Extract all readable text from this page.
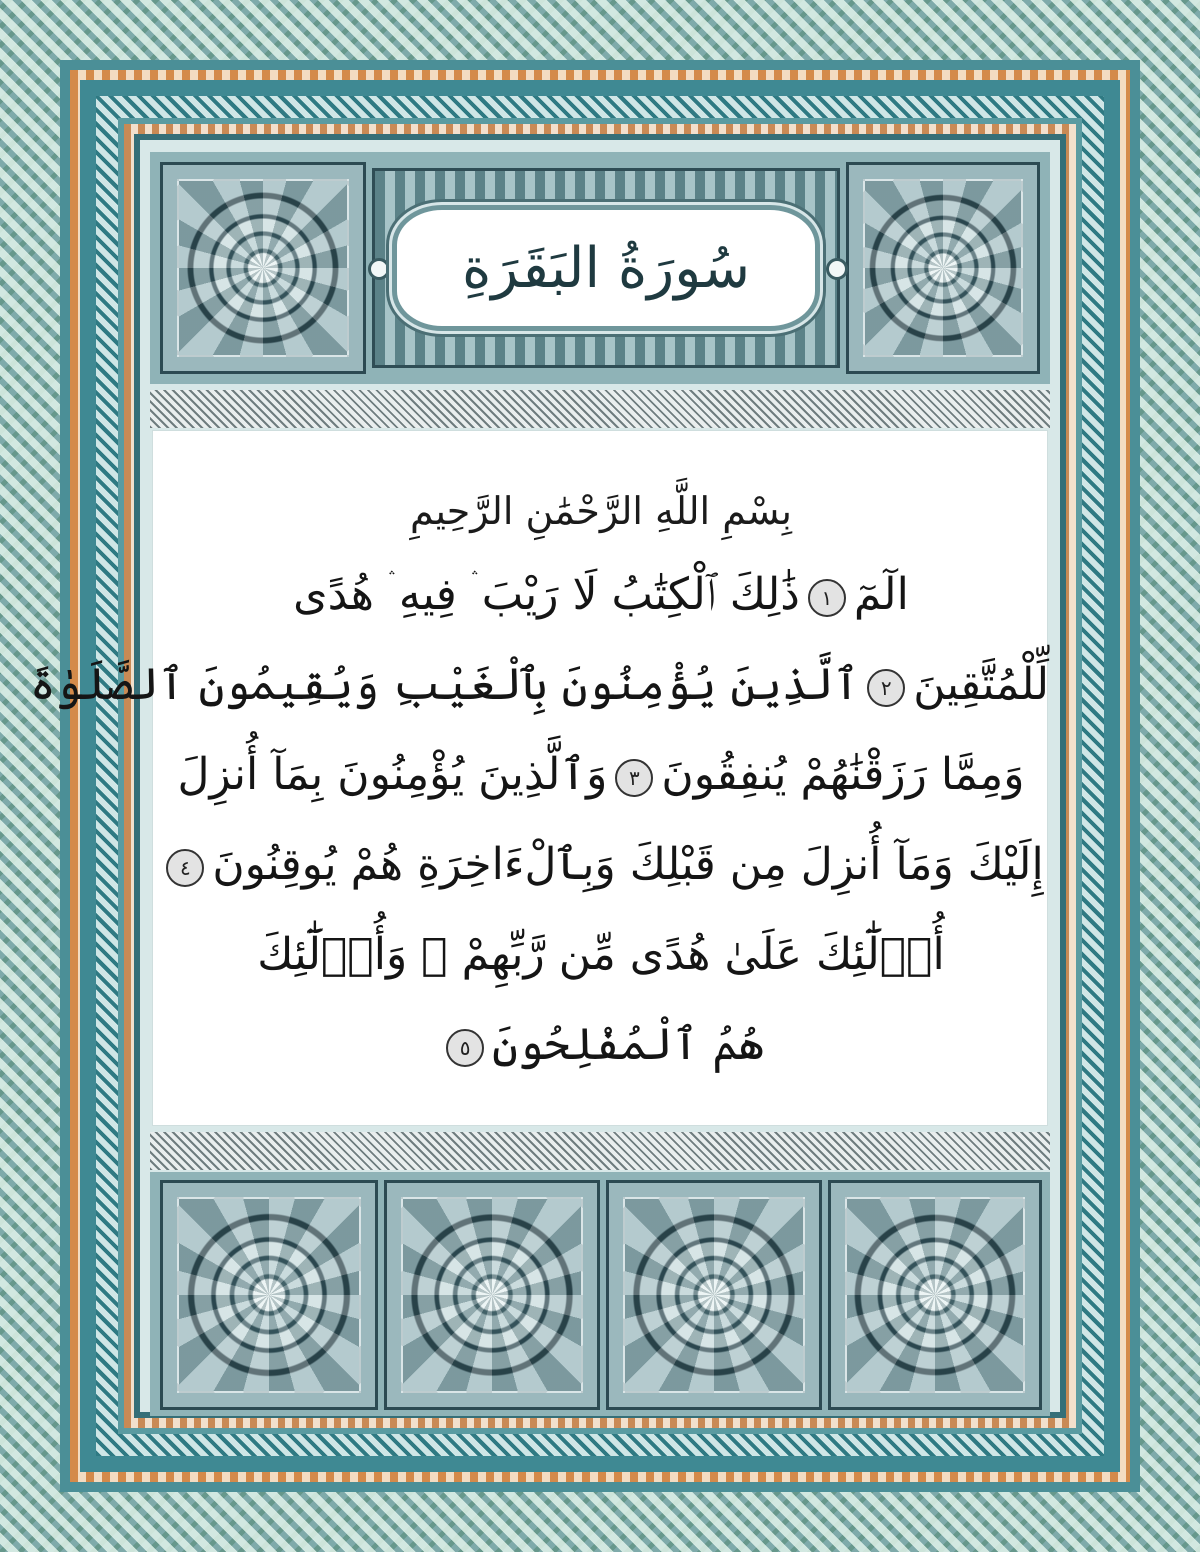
سُورَةُ البَقَرَةِ
بِسْمِ اللَّهِ الرَّحْمَٰنِ الرَّحِيمِ
الٓمٓ١ذَٰلِكَ ٱلْكِتَٰبُ لَا رَيْبَ ۛ فِيهِ ۛ هُدًى
لِّلْمُتَّقِينَ٢ٱلَّذِينَ يُؤْمِنُونَ بِٱلْغَيْبِ وَيُقِيمُونَ ٱلصَّلَوٰةَ
وَمِمَّا رَزَقْنَٰهُمْ يُنفِقُونَ٣وَٱلَّذِينَ يُؤْمِنُونَ بِمَآ أُنزِلَ
إِلَيْكَ وَمَآ أُنزِلَ مِن قَبْلِكَ وَبِٱلْءَاخِرَةِ هُمْ يُوقِنُونَ٤
أُو۟لَٰٓئِكَ عَلَىٰ هُدًى مِّن رَّبِّهِمْ ۖ وَأُو۟لَٰٓئِكَ
هُمُ ٱلْمُفْلِحُونَ٥
